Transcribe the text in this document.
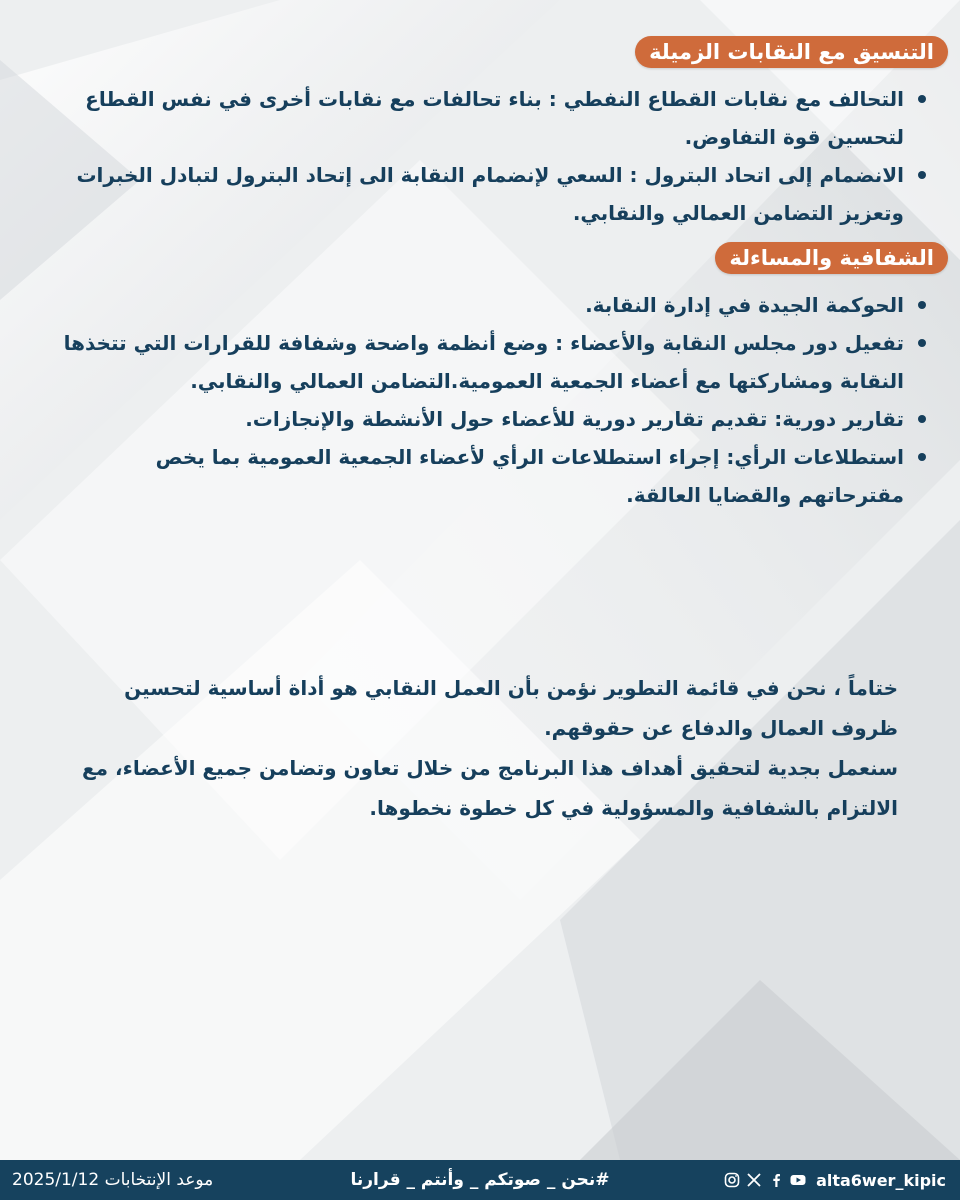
التنسيق مع النقابات الزميلة
التحالف مع نقابات القطاع النفطي : بناء تحالفات مع نقابات أخرى في نفس القطاع لتحسين قوة التفاوض.
الانضمام إلى اتحاد البترول : السعي لإنضمام النقابة الى إتحاد البترول لتبادل الخبرات وتعزيز التضامن العمالي والنقابي.
الشفافية والمساءلة
الحوكمة الجيدة في إدارة النقابة.
تفعيل دور مجلس النقابة والأعضاء : وضع أنظمة واضحة وشفافة للقرارات التي تتخذها النقابة ومشاركتها مع أعضاء الجمعية العمومية.التضامن العمالي والنقابي.
تقارير دورية: تقديم تقارير دورية للأعضاء حول الأنشطة والإنجازات.
استطلاعات الرأي: إجراء استطلاعات الرأي لأعضاء الجمعية العمومية بما يخص مقترحاتهم والقضايا العالقة.

ختاماً ، نحن في قائمة التطوير نؤمن بأن العمل النقابي هو أداة أساسية لتحسين ظروف العمال والدفاع عن حقوقهم.

سنعمل بجدية لتحقيق أهداف هذا البرنامج من خلال تعاون وتضامن جميع الأعضاء، مع الالتزام بالشفافية والمسؤولية في كل خطوة نخطوها.

موعد الإنتخابات 2025/1/12	#نحن _ صوتكم _ وأنتم _ قرارنا	alta6wer_kipic
